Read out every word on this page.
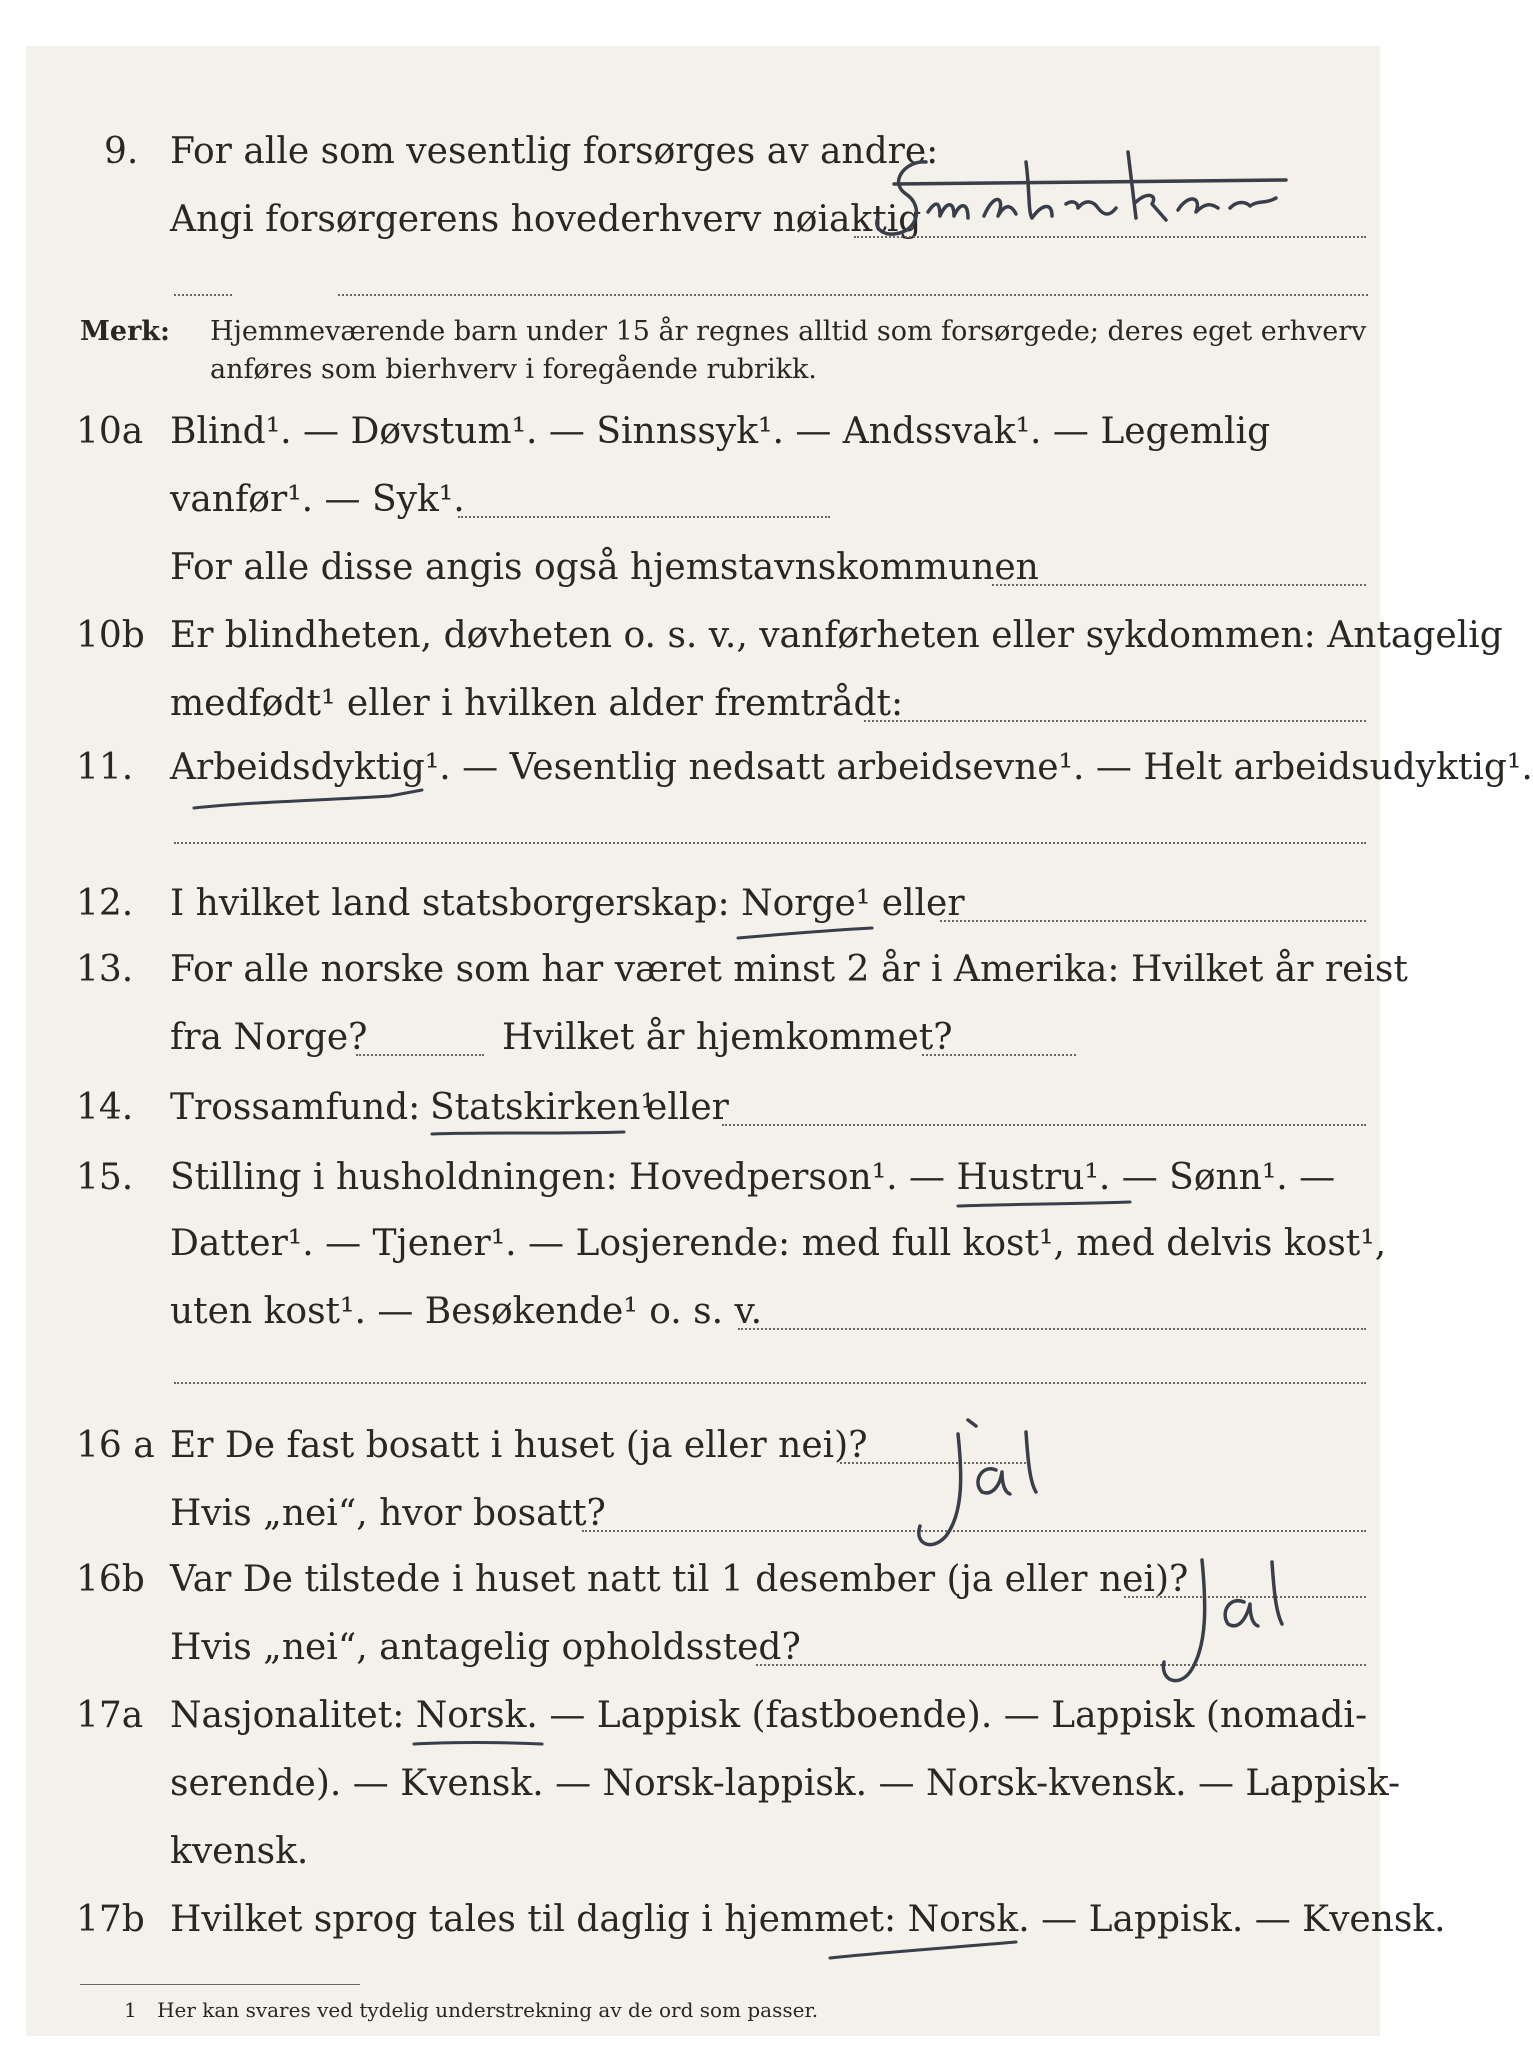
9. For alle som vesentlig forsørges av andre:
Angi forsørgerens hovederhverv nøiaktig
Merk: Hjemmeværende barn under 15 år regnes alltid som forsørgede; deres eget erhverv
anføres som bierhverv i foregående rubrikk.
10a Blind¹. — Døvstum¹. — Sinnssyk¹. — Andssvak¹. — Legemlig
vanfør¹. — Syk¹.
For alle disse angis også hjemstavnskommunen
10b Er blindheten, døvheten o. s. v., vanførheten eller sykdommen: Antagelig
medfødt¹ eller i hvilken alder fremtrådt:
11. Arbeidsdyktig¹. — Vesentlig nedsatt arbeidsevne¹. — Helt arbeidsudyktig¹.
12. I hvilket land statsborgerskap: Norge¹ eller
13. For alle norske som har været minst 2 år i Amerika: Hvilket år reist
fra Norge?	Hvilket år hjemkommet?
14. Trossamfund: Statskirken¹
eller
15. Stilling i husholdningen: Hovedperson¹. — Hustru¹. — Sønn¹. —
Datter¹. — Tjener¹. — Losjerende: med full kost¹, med delvis kost¹,
uten kost¹. — Besøkende¹ o. s. v.
16 a Er De fast bosatt i huset (ja eller nei)?
Hvis „nei“, hvor bosatt?
16b Var De tilstede i huset natt til 1 desember (ja eller nei)?
Hvis „nei“, antagelig opholdssted?
17a Nasjonalitet: Norsk. — Lappisk (fastboende). — Lappisk (nomadi-
serende). — Kvensk. — Norsk-lappisk. — Norsk-kvensk. — Lappisk-
kvensk.
17b Hvilket sprog tales til daglig i hjemmet: Norsk. — Lappisk. — Kvensk.
1 Her kan svares ved tydelig understrekning av de ord som passer.
